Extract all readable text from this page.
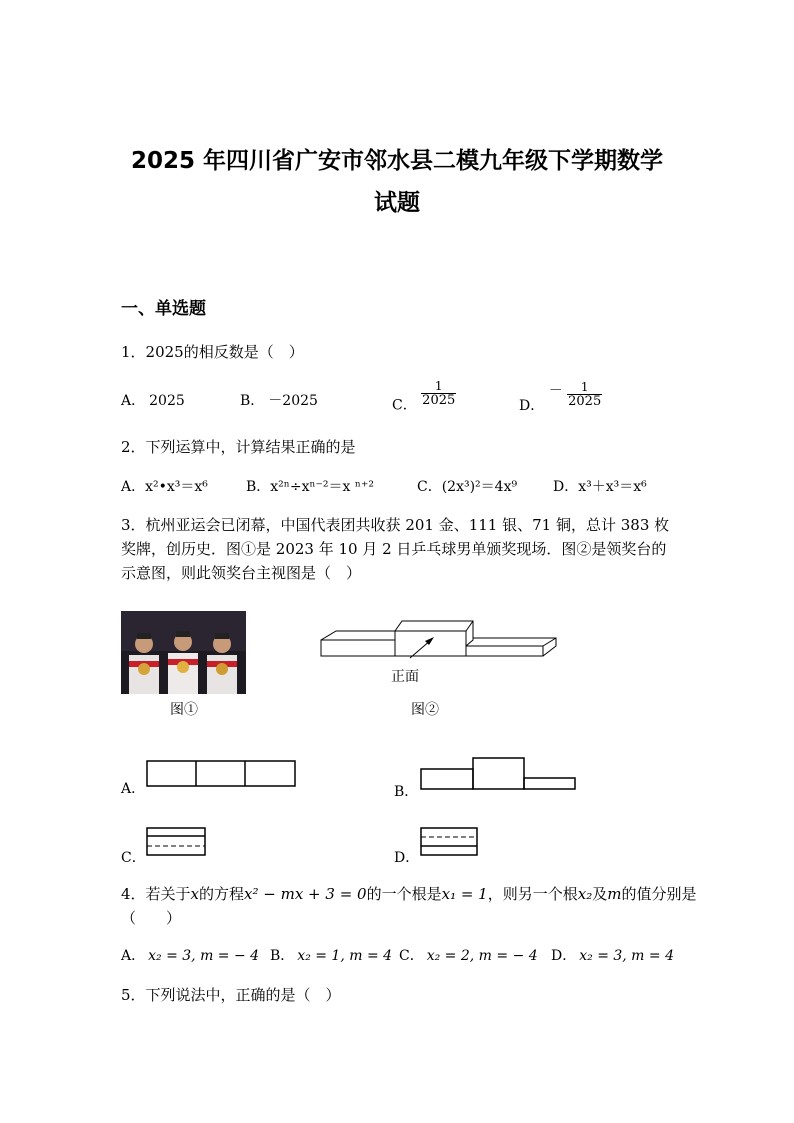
2025 年四川省广安市邻水县二模九年级下学期数学
试题
一、单选题
1．2025的相反数是（　）
A． 2025	B． －2025	C． $\frac{1}{2025}$	D． － $\frac{1}{2025}$
2．下列运算中，计算结果正确的是
A．x²•x³＝x⁶	B．x²ⁿ÷xⁿ⁻²＝x ⁿ⁺²	C．(2x³)²＝4x⁹	D．x³＋x³＝x⁶
3．杭州亚运会已闭幕，中国代表团共收获 201 金、111 银、71 铜，总计 383 枚
奖牌，创历史．图①是 2023 年 10 月 2 日乒乓球男单颁奖现场．图②是领奖台的
示意图，则此领奖台主视图是（　）
图①
正面
图②
A．	B．
C．	D．
4．若关于x的方程x² − mx + 3 = 0的一个根是x₁ = 1，则另一个根x₂及m的值分别是
（　　）
A． x₂ = 3, m = − 4 B． x₂ = 1, m = 4 C． x₂ = 2, m = − 4 D． x₂ = 3, m = 4
5．下列说法中，正确的是（　）
